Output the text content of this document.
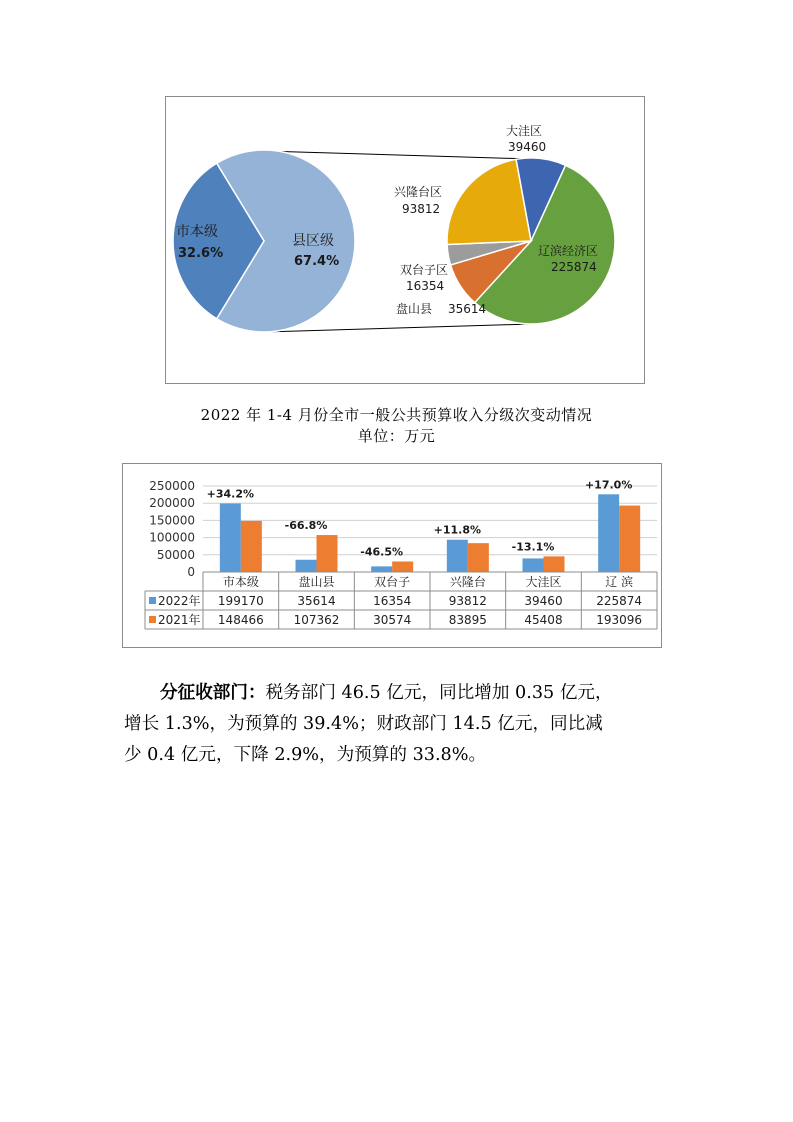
市本级
32.6%
县区级
67.4%
大洼区
39460
辽滨经济区
225874
盘山县 35614
双台子区
16354
兴隆台区
93812
2022 年 1-4 月份全市一般公共预算收入分级次变动情况
单位：万元
250000
200000
150000
100000
50000
0
+34.2%
-66.8%
-46.5%
+11.8%
-13.1%
+17.0%
市本级	盘山县	双台子	兴隆台	大洼区	辽 滨
2022年 199170	35614	16354	93812	39460	225874
2021年 148466 107362	30574	83895	45408	193096
分征收部门：税务部门 46.5 亿元，同比增加 0.35 亿元，
增长 1.3%，为预算的 39.4%；财政部门 14.5 亿元，同比减
少 0.4 亿元，下降 2.9%，为预算的 33.8%。
